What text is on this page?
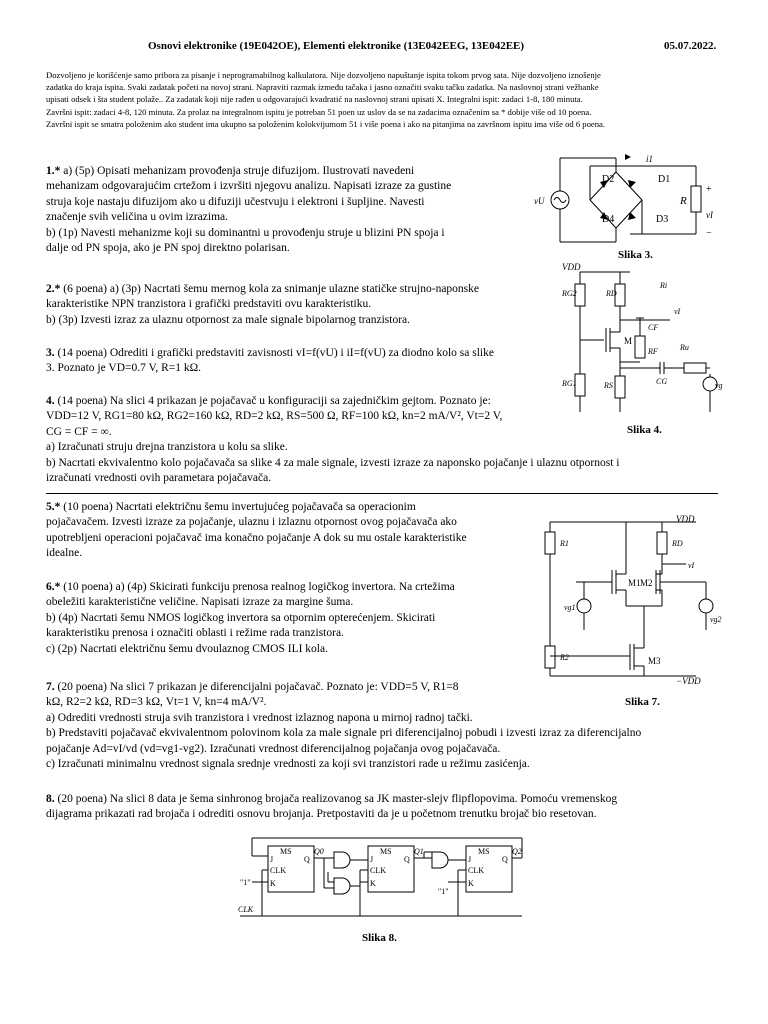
Osnovi elektronike (19E042OE), Elementi elektronike (13E042EEG, 13E042EE)	05.07.2022.
Dozvoljeno je korišćenje samo pribora za pisanje i neprogramabilnog kalkulatora. Nije dozvoljeno napuštanje ispita tokom prvog sata. Nije dozvoljeno iznošenje
zadatka do kraja ispita. Svaki zadatak početi na novoj strani. Napraviti razmak između tačaka i jasno označiti svaku tačku zadatka. Na naslovnoj strani vežbanke
upisati odsek i šta student polaže.. Za zadatak koji nije rađen u odgovarajući kvadratić na naslovnoj strani upisati X. Integralni ispit: zadaci 1-8, 180 minuta.
Završni ispit: zadaci 4-8, 120 minuta. Za prolaz na integralnom ispitu je potreban 51 poen uz uslov da se na zadacima označenim sa * dobije više od 10 poena.
Završni ispit se smatra položenim ako student ima ukupno sa položenim kolokvijumom 51 i više poena i ako na pitanjima na završnom ispitu ima više od 6 poena.
1.* a) (5p) Opisati mehanizam provođenja struje difuzijom. Ilustrovati navedeni
mehanizam odgovarajućim crtežom i izvršiti njegovu analizu. Napisati izraze za gustine
struja koje nastaju difuzijom ako u difuziji učestvuju i elektroni i šupljine. Navesti
značenje svih veličina u ovim izrazima.
b) (1p) Navesti mehanizme koji su dominantni u provođenju struje u blizini PN spoja i
dalje od PN spoja, ako je PN spoj direktno polarisan.
2.* (6 poena) a) (3p) Nacrtati šemu mernog kola za snimanje ulazne statičke strujno-naponske
karakteristike NPN tranzistora i grafički predstaviti ovu karakteristiku.
b) (3p) Izvesti izraz za ulaznu otpornost za male signale bipolarnog tranzistora.
3. (14 poena) Odrediti i grafički predstaviti zavisnosti vI=f(vU) i iI=f(vU) za diodno kolo sa slike
3. Poznato je VD=0.7 V, R=1 kΩ.
4. (14 poena) Na slici 4 prikazan je pojačavač u konfiguraciji sa zajedničkim gejtom. Poznato je:
VDD=12 V, RG1=80 kΩ, RG2=160 kΩ, RD=2 kΩ, RS=500 Ω, RF=100 kΩ, kn=2 mA/V², Vt=2 V,
CG = CF = ∞.
a) Izračunati struju drejna tranzistora u kolu sa slike.
b) Nacrtati ekvivalentno kolo pojačavača sa slike 4 za male signale, izvesti izraze za naponsko pojačanje i ulaznu otpornost i
izračunati vrednosti ovih parametara pojačavača.
5.* (10 poena) Nacrtati električnu šemu invertujućeg pojačavača sa operacionim
pojačavačem. Izvesti izraze za pojačanje, ulaznu i izlaznu otpornost ovog pojačavača ako
upotrebljeni operacioni pojačavač ima konačno pojačanje A dok su mu ostale karakteristike
idealne.
6.* (10 poena) a) (4p) Skicirati funkciju prenosa realnog logičkog invertora. Na crtežima
obeležiti karakteristične veličine. Napisati izraze za margine šuma.
b) (4p) Nacrtati šemu NMOS logičkog invertora sa otpornim opterećenjem. Skicirati
karakteristiku prenosa i označiti oblasti i režime rada tranzistora.
c) (2p) Nacrtati električnu šemu dvoulaznog CMOS ILI kola.
7. (20 poena) Na slici 7 prikazan je diferencijalni pojačavač. Poznato je: VDD=5 V, R1=8
kΩ, R2=2 kΩ, RD=3 kΩ, Vt=1 V, kn=4 mA/V².
a) Odrediti vrednosti struja svih tranzistora i vrednost izlaznog napona u mirnoj radnoj tački.
b) Predstaviti pojačavač ekvivalentnom polovinom kola za male signale pri diferencijalnoj pobudi i izvesti izraz za diferencijalno
pojačanje Ad=vI/vd (vd=vg1-vg2). Izračunati vrednost diferencijalnog pojačanja ovog pojačavača.
c) Izračunati minimalnu vrednost signala srednje vrednosti za koji svi tranzistori rade u režimu zasićenja.
8. (20 poena) Na slici 8 data je šema sinhronog brojača realizovanog sa JK master-slejv flipflopovima. Pomoću vremenskog
dijagrama prikazati rad brojača i odrediti osnovu brojanja. Pretpostaviti da je u početnom trenutku brojač bio resetovan.
D2	D1
D4	D3
i1
R
vU
vI
+
−
Slika 3.
VDD
RG2	RD
Ri
vI
CF
M
RF	Ru
RG1	RS	CG	vg
Slika 4.
VDD
R1	RD
vI
M1 M2
vg1
vg2
R2	M3
−VDD
Slika 7.
MS
J
CLK
K
Q
MS
J
CLK
K
Q
MS
J
CLK
K
Q
Q0	Q1	Q2
"1"
"1"
CLK
Slika 8.
